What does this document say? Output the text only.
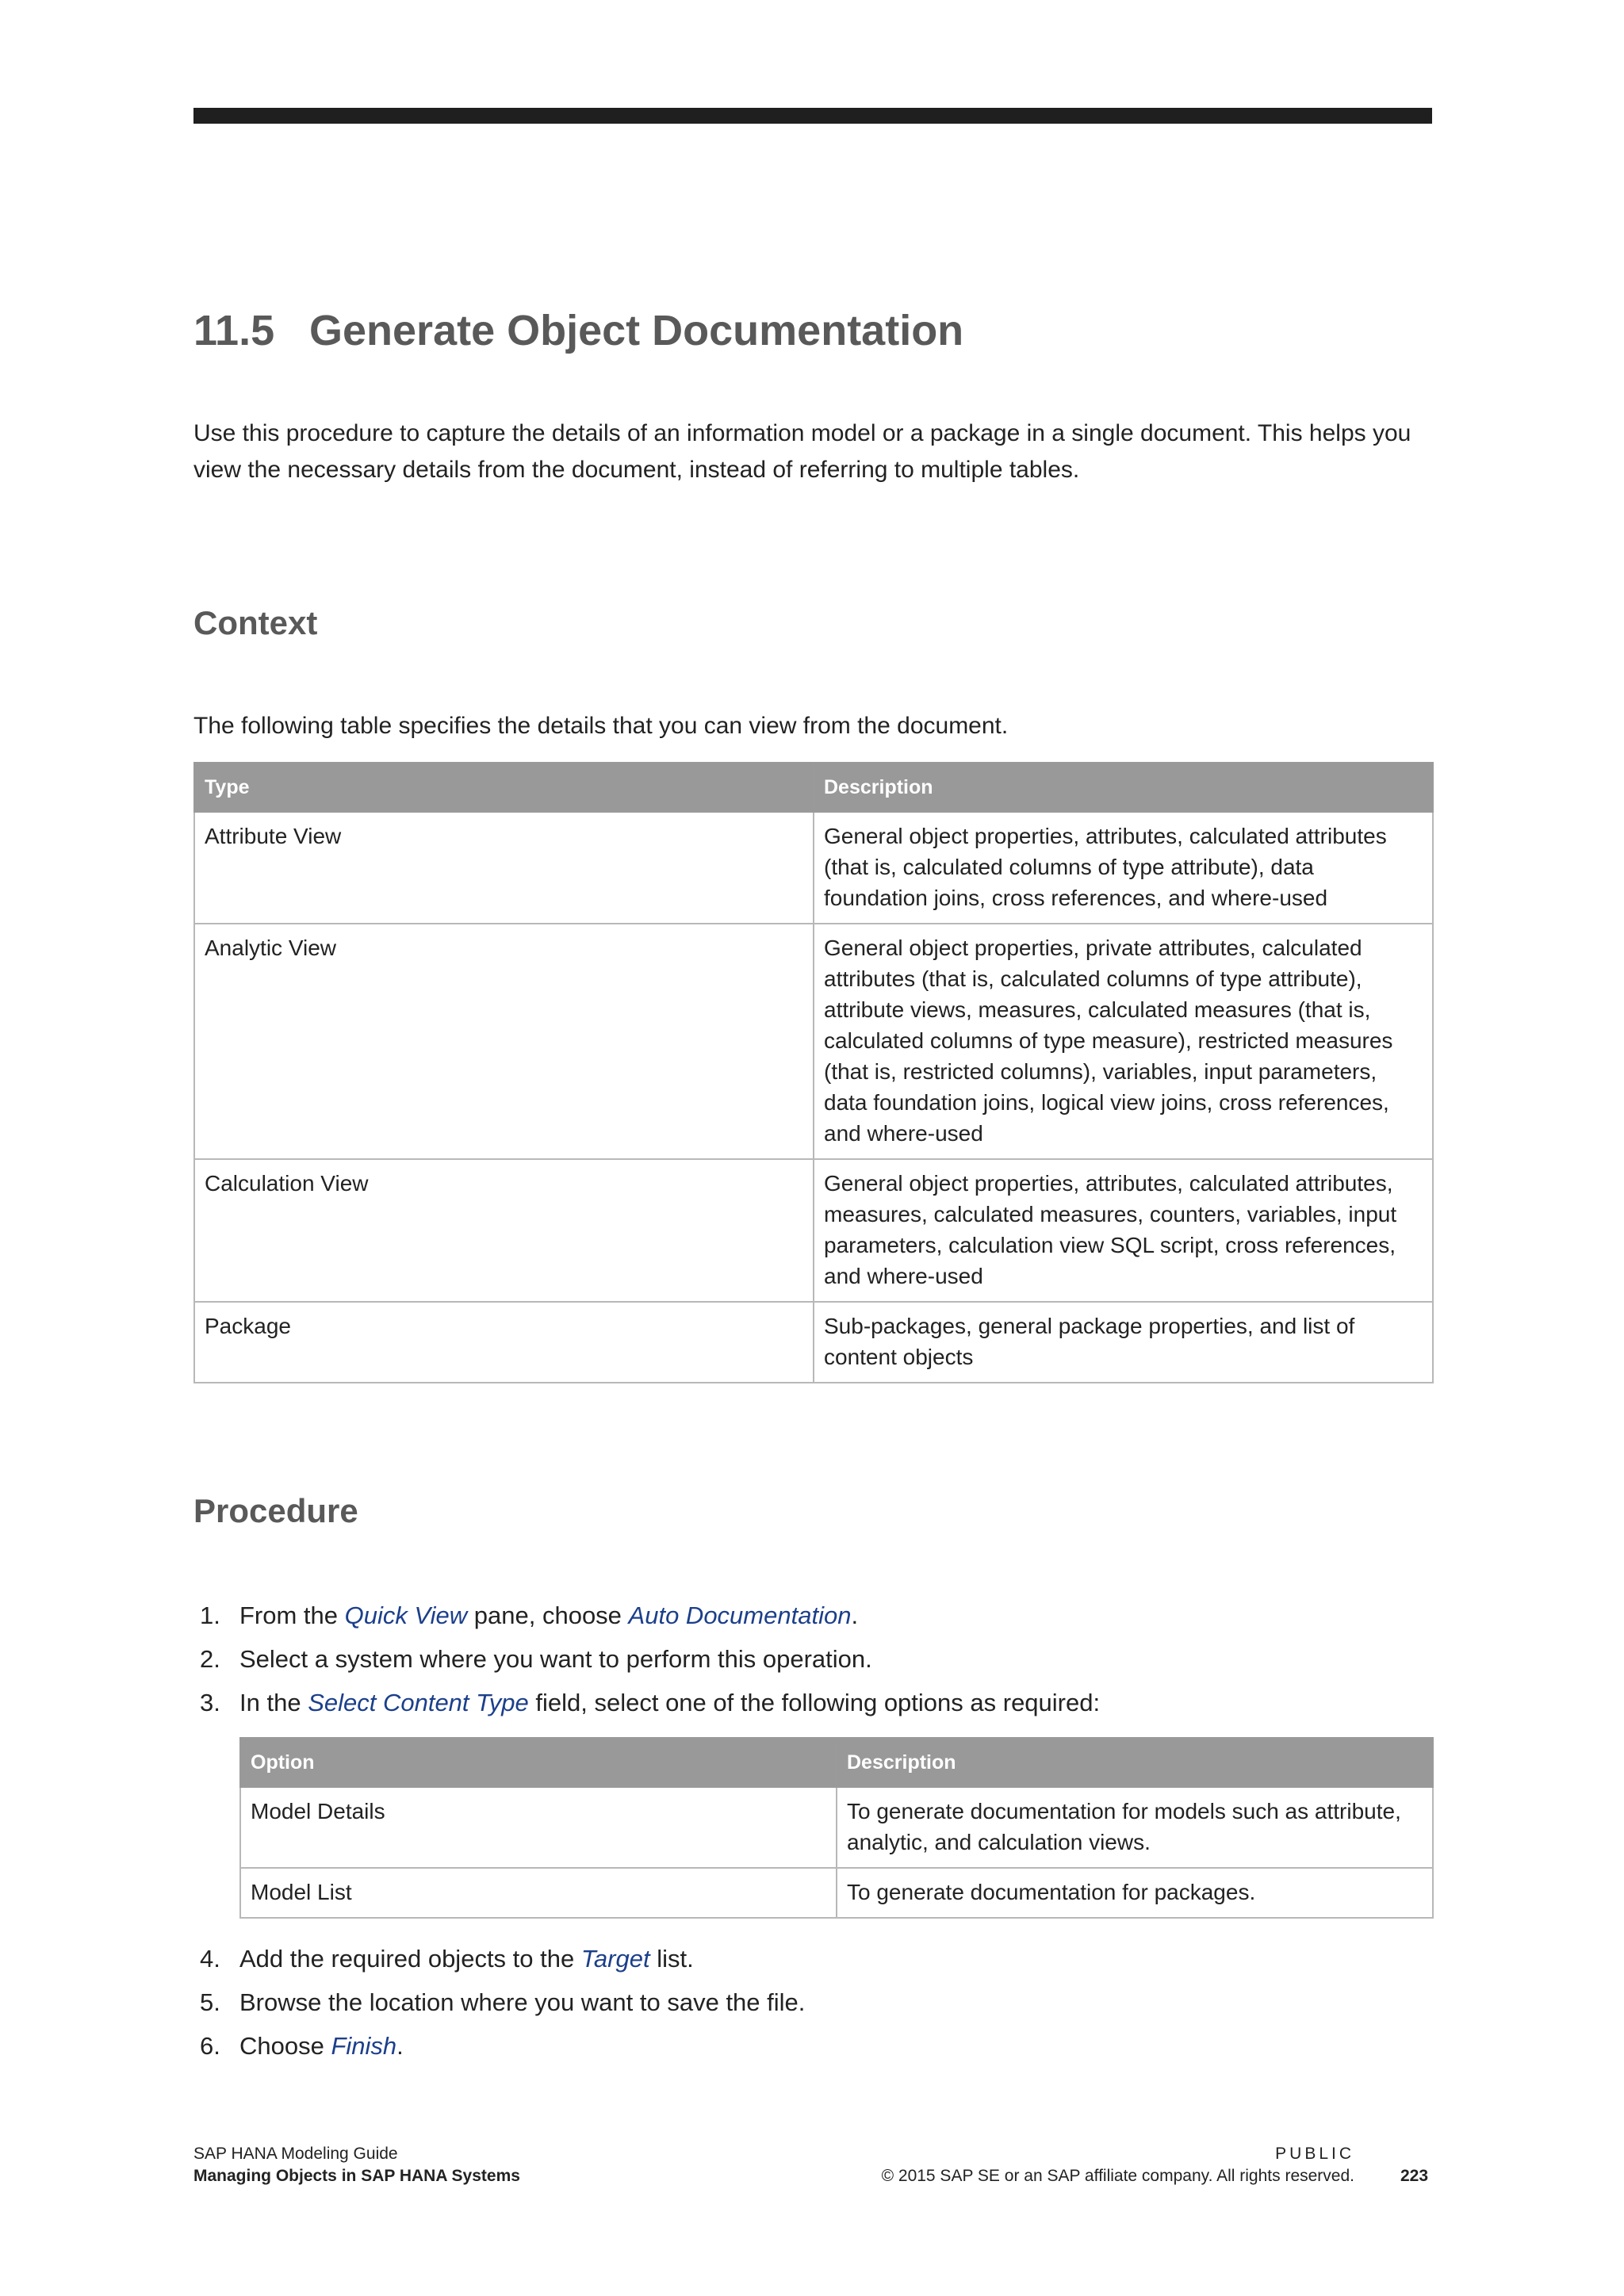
11.5 Generate Object Documentation

Use this procedure to capture the details of an information model or a package in a single document. This helps you view the necessary details from the document, instead of referring to multiple tables.

Context

The following table specifies the details that you can view from the document.

Type	Description
Attribute View	General object properties, attributes, calculated attributes (that is, calculated columns of type attribute), data foundation joins, cross references, and where-used
Analytic View	General object properties, private attributes, calculated attributes (that is, calculated columns of type attribute), attribute views, measures, calculated measures (that is, calculated columns of type measure), restricted measures (that is, restricted columns), variables, input parameters, data foundation joins, logical view joins, cross references, and where-used
Calculation View	General object properties, attributes, calculated attributes, measures, calculated measures, counters, variables, input parameters, calculation view SQL script, cross references, and where-used
Package	Sub-packages, general package properties, and list of content objects
Procedure
1. From the Quick View pane, choose Auto Documentation.
2. Select a system where you want to perform this operation.
3. In the Select Content Type field, select one of the following options as required:
Option	Description
Model Details	To generate documentation for models such as attribute, analytic, and calculation views.
Model List	To generate documentation for packages.
4. Add the required objects to the Target list.
5. Browse the location where you want to save the file.
6. Choose Finish.
SAP HANA Modeling Guide
Managing Objects in SAP HANA Systems
PUBLIC
© 2015 SAP SE or an SAP affiliate company. All rights reserved.	223
